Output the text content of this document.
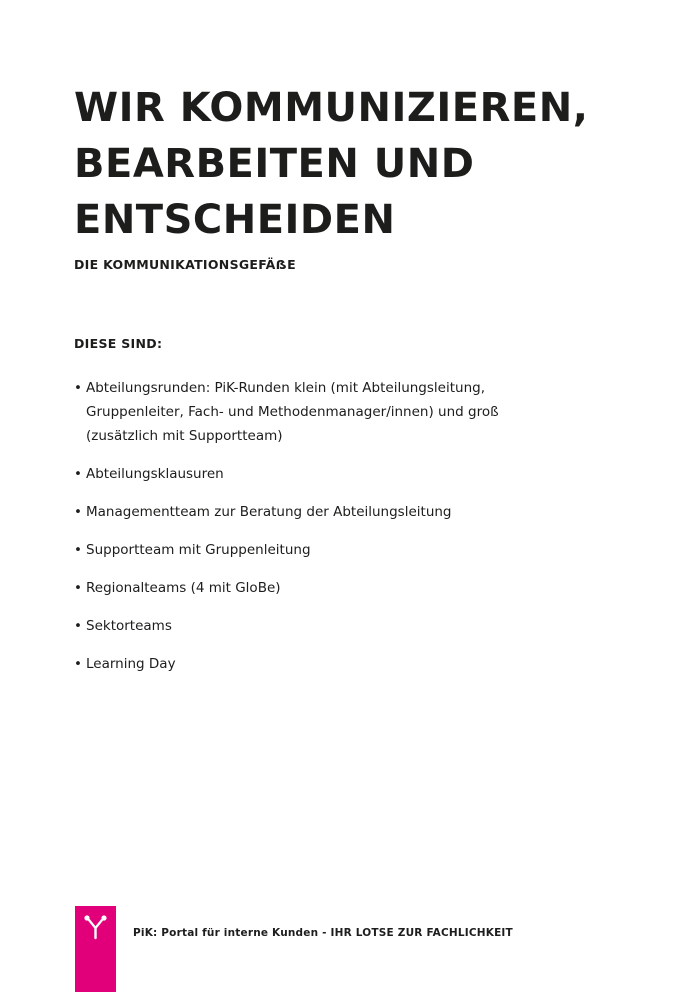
WIR KOMMUNIZIEREN,
BEARBEITEN UND
ENTSCHEIDEN

DIE KOMMUNIKATIONSGEFÄẞE

DIESE SIND:

• Abteilungsrunden: PiK-Runden klein (mit Abteilungsleitung, Gruppenleiter, Fach- und Methodenmanager/innen) und groß (zusätzlich mit Supportteam)
• Abteilungsklausuren
• Managementteam zur Beratung der Abteilungsleitung
• Supportteam mit Gruppenleitung
• Regionalteams (4 mit GloBe)
• Sektorteams
• Learning Day

PiK: Portal für interne Kunden - IHR LOTSE ZUR FACHLICHKEIT
